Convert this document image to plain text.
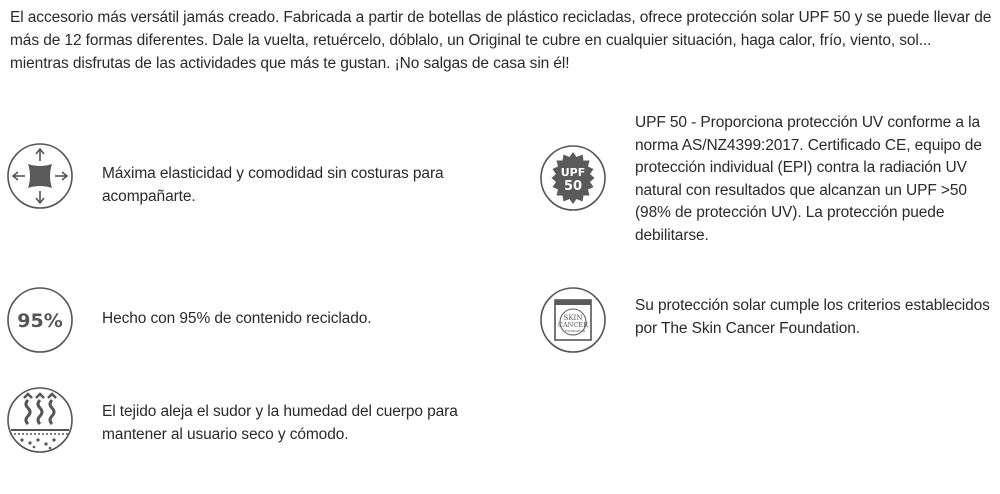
El accesorio más versátil jamás creado. Fabricada a partir de botellas de plástico recicladas, ofrece protección solar UPF 50 y se puede llevar de más de 12 formas diferentes. Dale la vuelta, retuércelo, dóblalo, un Original te cubre en cualquier situación, haga calor, frío, viento, sol... mientras disfrutas de las actividades que más te gustan. ¡No salgas de casa sin él!
Máxima elasticidad y comodidad sin costuras para acompañarte.
95%	Hecho con 95% de contenido reciclado.
El tejido aleja el sudor y la humedad del cuerpo para mantener al usuario seco y cómodo.
UPF
50
UPF 50 - Proporciona protección UV conforme a la norma AS/NZ4399:2017. Certificado CE, equipo de protección individual (EPI) contra la radiación UV natural con resultados que alcanzan un UPF >50 (98% de protección UV). La protección puede debilitarse.
SKIN
CANCER
FOUNDATION
Su protección solar cumple los criterios establecidos por The Skin Cancer Foundation.
